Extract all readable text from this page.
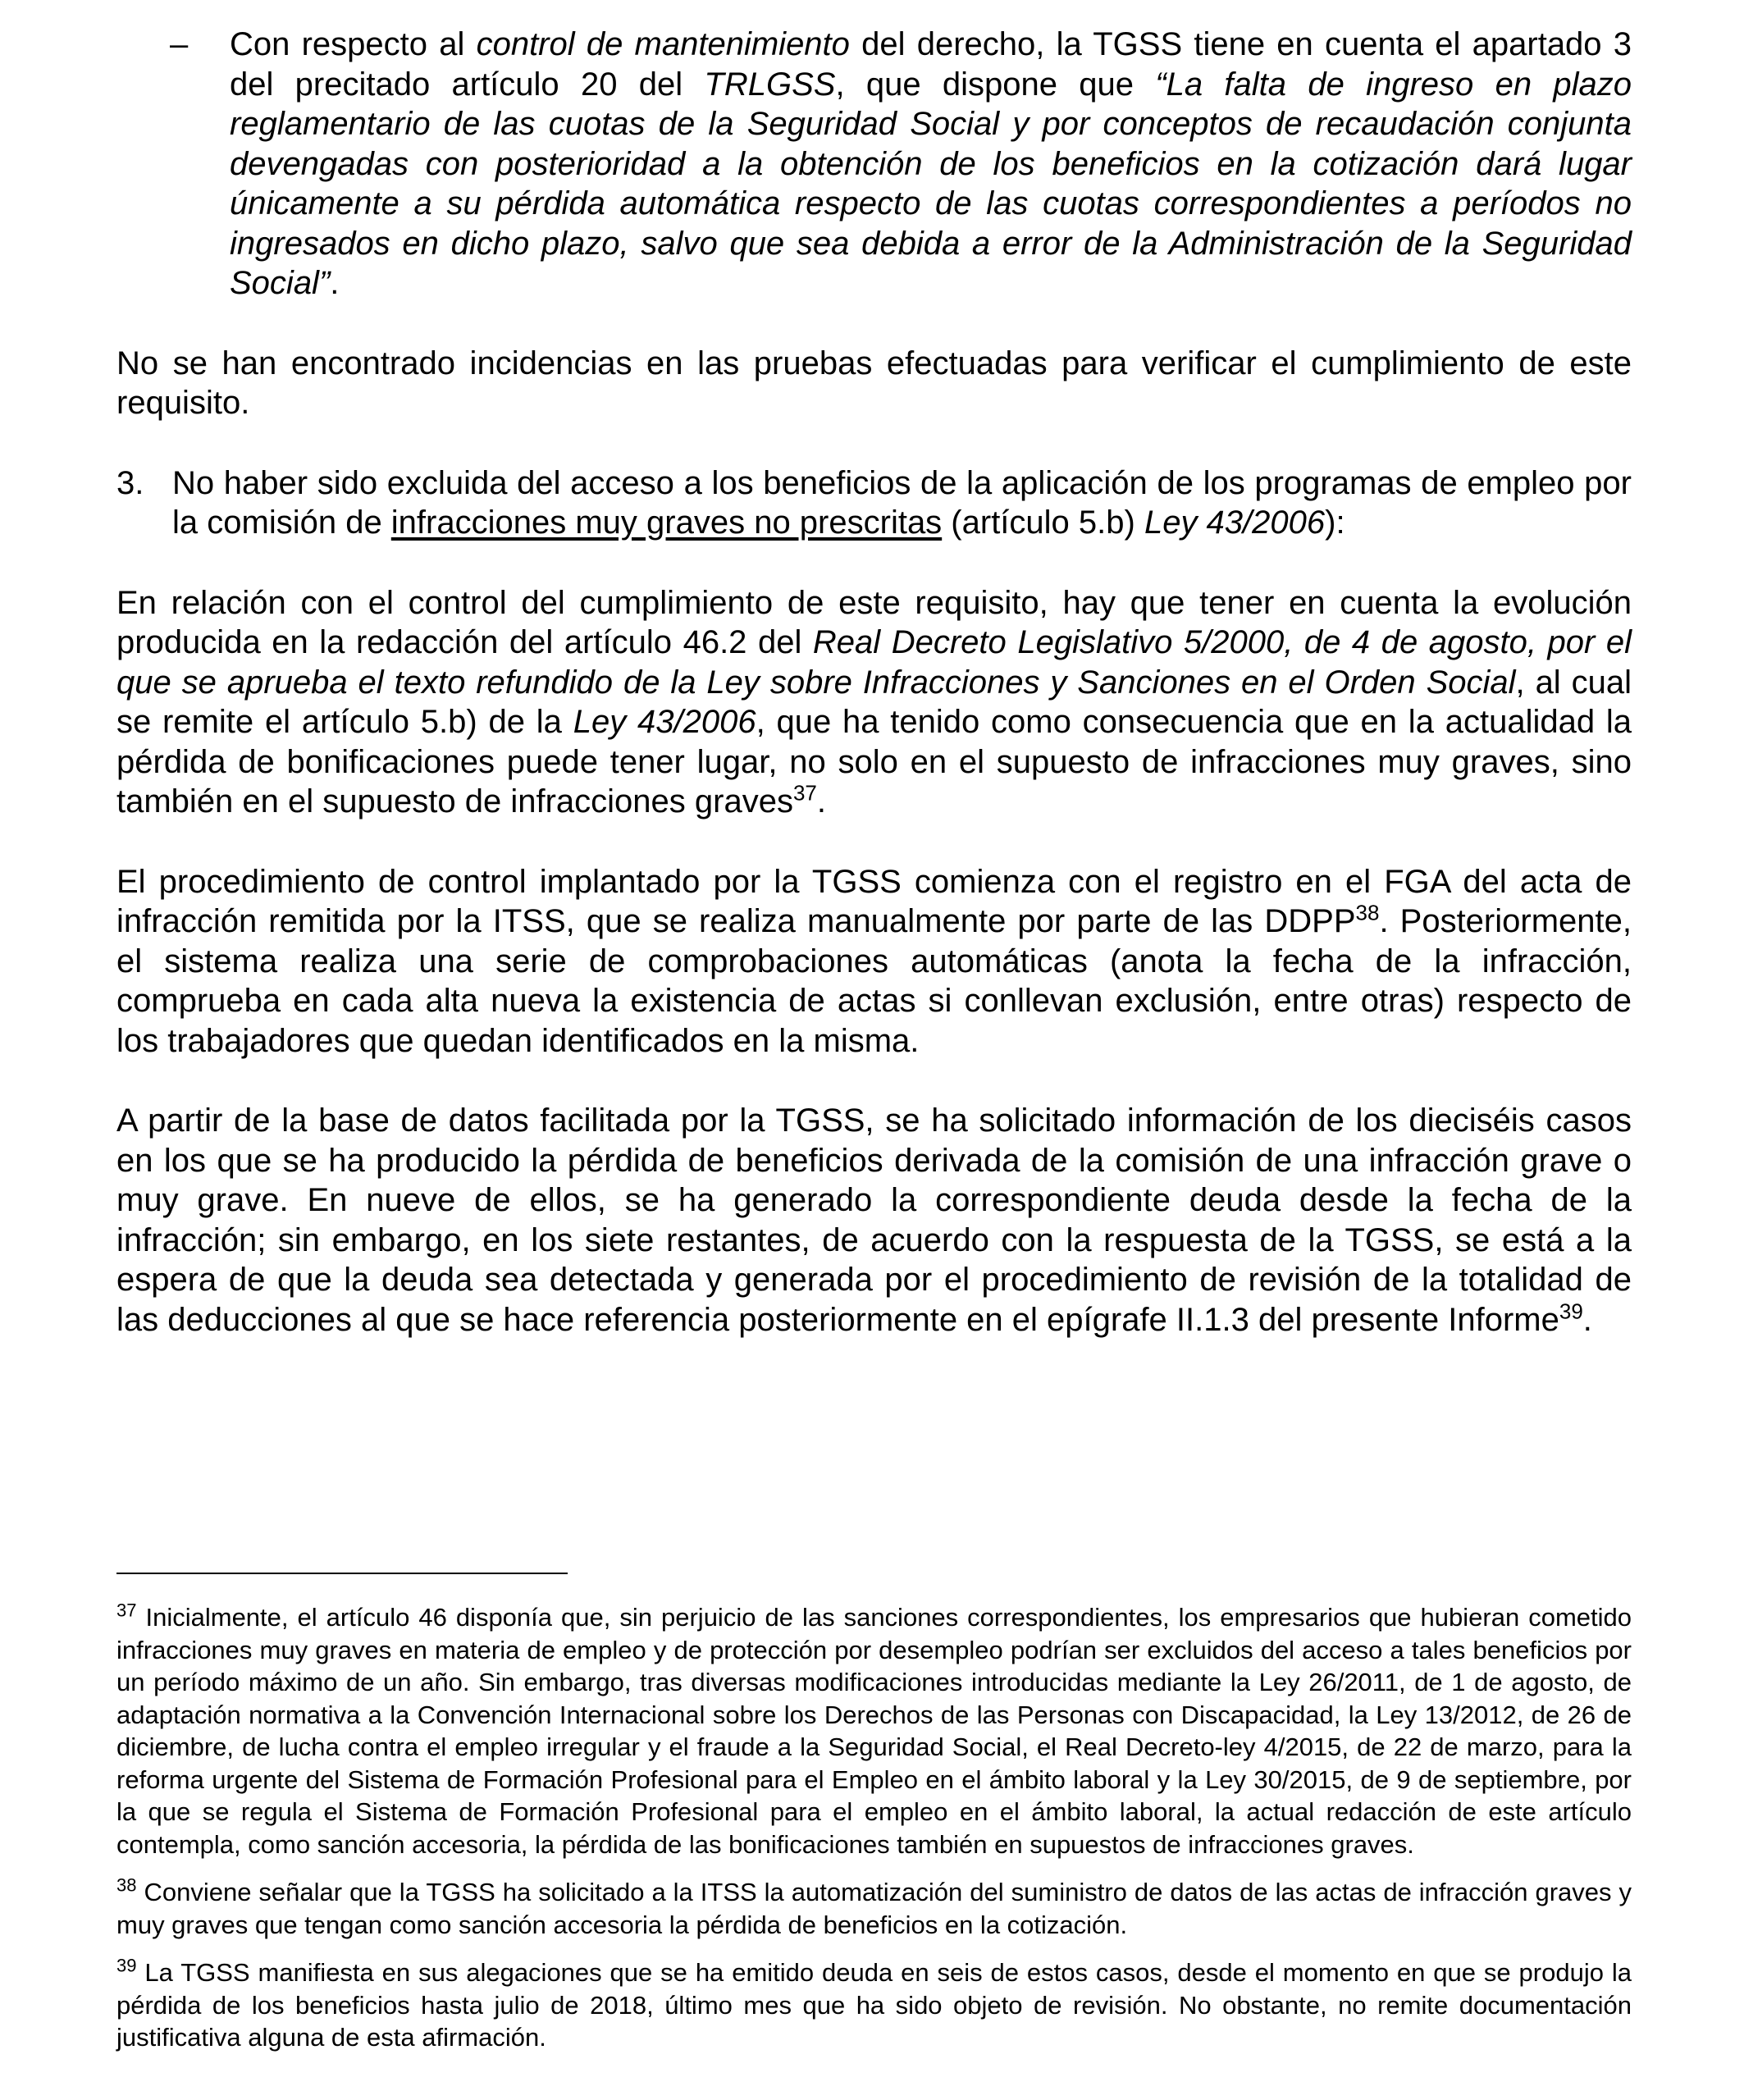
– Con respecto al control de mantenimiento del derecho, la TGSS tiene en cuenta el apartado 3 del precitado artículo 20 del TRLGSS, que dispone que “La falta de ingreso en plazo reglamentario de las cuotas de la Seguridad Social y por conceptos de recaudación conjunta devengadas con posterioridad a la obtención de los beneficios en la cotización dará lugar únicamente a su pérdida automática respecto de las cuotas correspondientes a períodos no ingresados en dicho plazo, salvo que sea debida a error de la Administración de la Seguridad Social”.

No se han encontrado incidencias en las pruebas efectuadas para verificar el cumplimiento de este requisito.

3. No haber sido excluida del acceso a los beneficios de la aplicación de los programas de empleo por la comisión de infracciones muy graves no prescritas (artículo 5.b) Ley 43/2006):

En relación con el control del cumplimiento de este requisito, hay que tener en cuenta la evolución producida en la redacción del artículo 46.2 del Real Decreto Legislativo 5/2000, de 4 de agosto, por el que se aprueba el texto refundido de la Ley sobre Infracciones y Sanciones en el Orden Social, al cual se remite el artículo 5.b) de la Ley 43/2006, que ha tenido como consecuencia que en la actualidad la pérdida de bonificaciones puede tener lugar, no solo en el supuesto de infracciones muy graves, sino también en el supuesto de infracciones graves$^{37}$.

El procedimiento de control implantado por la TGSS comienza con el registro en el FGA del acta de infracción remitida por la ITSS, que se realiza manualmente por parte de las DDPP$^{38}$. Posteriormente, el sistema realiza una serie de comprobaciones automáticas (anota la fecha de la infracción, comprueba en cada alta nueva la existencia de actas si conllevan exclusión, entre otras) respecto de los trabajadores que quedan identificados en la misma.

A partir de la base de datos facilitada por la TGSS, se ha solicitado información de los dieciséis casos en los que se ha producido la pérdida de beneficios derivada de la comisión de una infracción grave o muy grave. En nueve de ellos, se ha generado la correspondiente deuda desde la fecha de la infracción; sin embargo, en los siete restantes, de acuerdo con la respuesta de la TGSS, se está a la espera de que la deuda sea detectada y generada por el procedimiento de revisión de la totalidad de las deducciones al que se hace referencia posteriormente en el epígrafe II.1.3 del presente Informe$^{39}$.

$^{37}$ Inicialmente, el artículo 46 disponía que, sin perjuicio de las sanciones correspondientes, los empresarios que hubieran cometido infracciones muy graves en materia de empleo y de protección por desempleo podrían ser excluidos del acceso a tales beneficios por un período máximo de un año. Sin embargo, tras diversas modificaciones introducidas mediante la Ley 26/2011, de 1 de agosto, de adaptación normativa a la Convención Internacional sobre los Derechos de las Personas con Discapacidad, la Ley 13/2012, de 26 de diciembre, de lucha contra el empleo irregular y el fraude a la Seguridad Social, el Real Decreto-ley 4/2015, de 22 de marzo, para la reforma urgente del Sistema de Formación Profesional para el Empleo en el ámbito laboral y la Ley 30/2015, de 9 de septiembre, por la que se regula el Sistema de Formación Profesional para el empleo en el ámbito laboral, la actual redacción de este artículo contempla, como sanción accesoria, la pérdida de las bonificaciones también en supuestos de infracciones graves.

$^{38}$ Conviene señalar que la TGSS ha solicitado a la ITSS la automatización del suministro de datos de las actas de infracción graves y muy graves que tengan como sanción accesoria la pérdida de beneficios en la cotización.

$^{39}$ La TGSS manifiesta en sus alegaciones que se ha emitido deuda en seis de estos casos, desde el momento en que se produjo la pérdida de los beneficios hasta julio de 2018, último mes que ha sido objeto de revisión. No obstante, no remite documentación justificativa alguna de esta afirmación.
